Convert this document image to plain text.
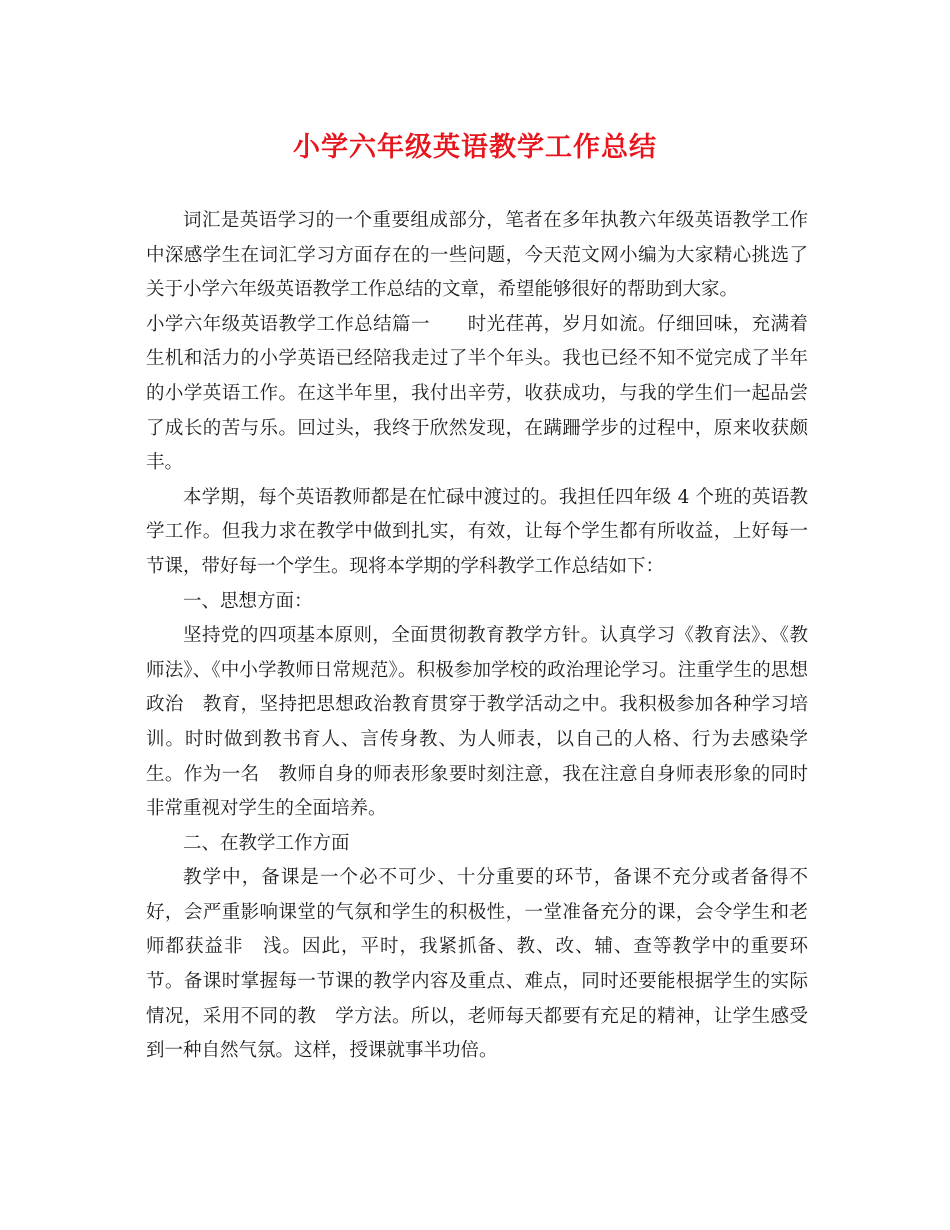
小学六年级英语教学工作总结

词汇是英语学习的一个重要组成部分，笔者在多年执教六年级英语教学工作中深感学生在词汇学习方面存在的一些问题，今天范文网小编为大家精心挑选了关于小学六年级英语教学工作总结的文章，希望能够很好的帮助到大家。

小学六年级英语教学工作总结篇一　　时光荏苒，岁月如流。仔细回味，充满着生机和活力的小学英语已经陪我走过了半个年头。我也已经不知不觉完成了半年的小学英语工作。在这半年里，我付出辛劳，收获成功，与我的学生们一起品尝了成长的苦与乐。回过头，我终于欣然发现，在蹒跚学步的过程中，原来收获颇丰。

本学期，每个英语教师都是在忙碌中渡过的。我担任四年级 4 个班的英语教学工作。但我力求在教学中做到扎实，有效，让每个学生都有所收益，上好每一节课，带好每一个学生。现将本学期的学科教学工作总结如下：

一、思想方面：

坚持党的四项基本原则，全面贯彻教育教学方针。认真学习《教育法》、《教师法》、《中小学教师日常规范》。积极参加学校的政治理论学习。注重学生的思想政治　教育，坚持把思想政治教育贯穿于教学活动之中。我积极参加各种学习培训。时时做到教书育人、言传身教、为人师表，以自己的人格、行为去感染学生。作为一名　教师自身的师表形象要时刻注意，我在注意自身师表形象的同时非常重视对学生的全面培养。

二、在教学工作方面

教学中，备课是一个必不可少、十分重要的环节，备课不充分或者备得不好，会严重影响课堂的气氛和学生的积极性，一堂准备充分的课，会令学生和老师都获益非　浅。因此，平时，我紧抓备、教、改、辅、查等教学中的重要环节。备课时掌握每一节课的教学内容及重点、难点，同时还要能根据学生的实际情况，采用不同的教　学方法。所以，老师每天都要有充足的精神，让学生感受到一种自然气氛。这样，授课就事半功倍。
